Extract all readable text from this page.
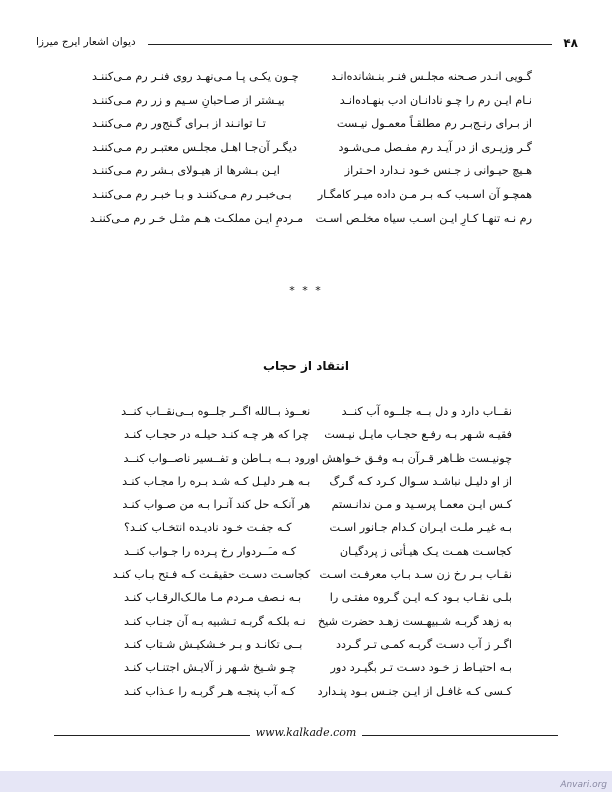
۴۸
دیوان اشعار ایرج میرزا
گـویی انـدر صـحنه مجلـس فنـر بنـشانده‌انـد
چـون یکـی پـا مـی‌نهـد روی فنـر رم مـی‌کننـد
نـام ایـن رم را چـو نادانـان ادب بنهـاده‌انـد
بیـشتر از صـاحبانِ سـیم و زر رم مـی‌کننـد
از بـرای رنـج‌بـر رم مطلقـاً معمـول نیـست
تـا توانـند از بـرای گـنج‌ور رم مـی‌کننـد
گـر وزیـری از در آیـد رم مفـصل مـی‌شـود
دیگـر آن‌جـا اهـل مجلـس معتبـر رم مـی‌کننـد
هـیچ حیـوانی ز جـنس خـود نـدارد احـتراز
ایـن بـشرها از هیـولای بـشر رم مـی‌کننـد
همچـو آن اسـبب کـه بـر مـن داده میـر کامگـار
بـی‌خبـر رم مـی‌کننـد و بـا خبـر رم مـی‌کننـد
رم نـه تنهـا کـارِ ایـن اسـب سیاه مخلـص اسـت
مـردمِ ایـن مملکـت هـم مثـل خـر رم مـی‌کننـد
* * *
انتقاد از حجاب
نقــاب دارد و دل بــه جلــوه آب کنــد
نعــوذ بــالله اگــر جلــوه بــی‌نقــاب کنــد
فقیـه شـهر بـه رفـع حجـاب مایـل نیـست
چرا که هر چـه کنـد حیلـه در حجـاب کنـد
چونیـست ظـاهر قـرآن بـه وفـق خـواهش او
رود بــه بــاطن و تفــسیر ناصــواب کنــد
از او دلیـل نباشـد سـوال کـرد کـه گـرگ
بـه هـر دلیـل کـه شـد بـره را مجـاب کنـد
کـس ایـن معمـا پرسـید و مـن ندانـستم
هر آنکـه حل کند آنـرا بـه من صـواب کنـد
بـه غیـر ملـت ایـران کـدام جـانور اسـت
کـه جفـت خـود نادیـده انتخـاب کنـد؟
کجاسـت همـت یـک هیـأتی ز پردگیـان
کـه مـَــردوار رخ پـرده را جـواب کنــد
نقـاب بـر رخ زن سـد بـاب معرفـت اسـت
کجاسـت دسـت حقیقـت کـه فـتح بـاب کنـد
بلـی نقـاب بـود کـه ایـن گـروه مفتـی را
بـه نـصف مـردم مـا مالـک‌الرقـاب کنـد
به زهد گربـه شـبیهـست زهـد حضرت شیخ
نـه بلکـه گربـه تـشبیه بـه آن جنـاب کنـد
اگـر ز آب دسـت گربـه کمـی تـر گـردد
بــی تکانـد و بـر خـشکیـش شـتاب کنـد
بـه احتیـاط ز خـود دسـت تـر بگیـرد دور
چـو شـیخ شـهر ز آلایـش اجتنـاب کنـد
کـسی کـه غافـل از ایـن جنـس بـود پنـدارد
کـه آب پنجـه هـر گربـه را عـذاب کنـد
www.kalkade.com
Anvari.org
